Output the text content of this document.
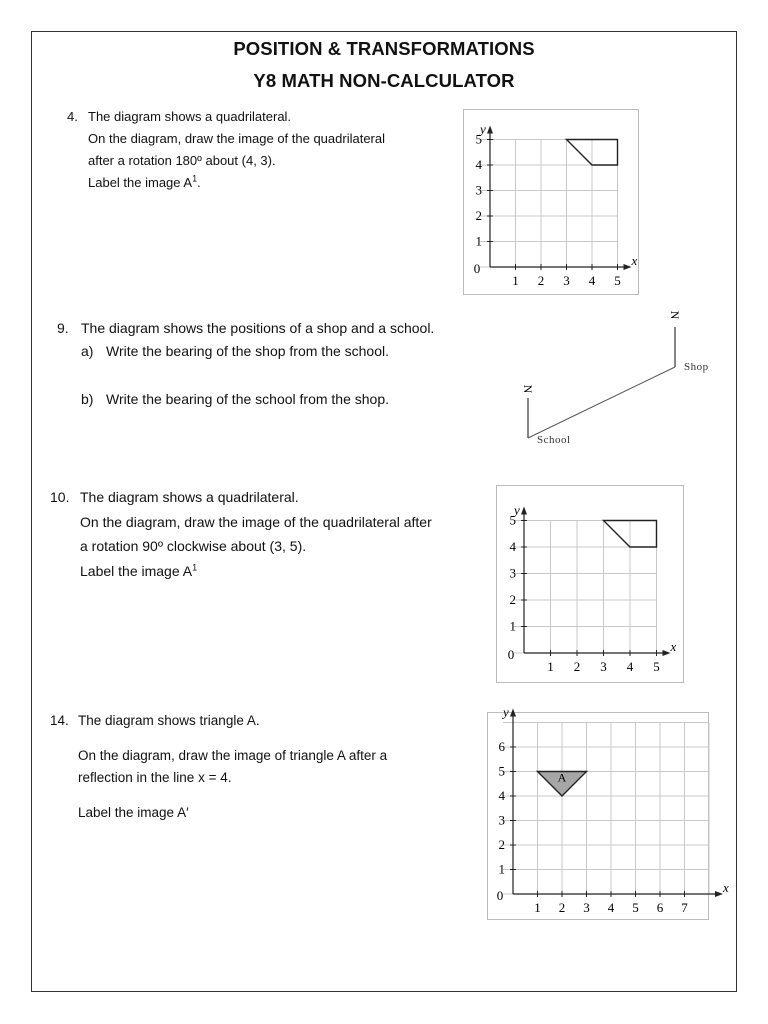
POSITION & TRANSFORMATIONS
Y8 MATH NON-CALCULATOR
4. The diagram shows a quadrilateral.
On the diagram, draw the image of the quadrilateral
after a rotation 180º about (4, 3).
Label the image $A^1$.
0
1 2 3 4 5
1
2
3
4
5
x
y
9. The diagram shows the positions of a shop and a school.
a) Write the bearing of the shop from the school.
b) Write the bearing of the school from the shop.
N
N
Shop
School
10. The diagram shows a quadrilateral.
On the diagram, draw the image of the quadrilateral after
a rotation 90º clockwise about (3, 5).
Label the image $A^1$
0
1 2 3 4 5
1
2
3
4
5
x
y
14. The diagram shows triangle A.
On the diagram, draw the image of triangle A after a
reflection in the line x = 4.
Label the image A′
0
1 2 3 4 5 6 7
1
2
3
4
5
6
x
y
A
